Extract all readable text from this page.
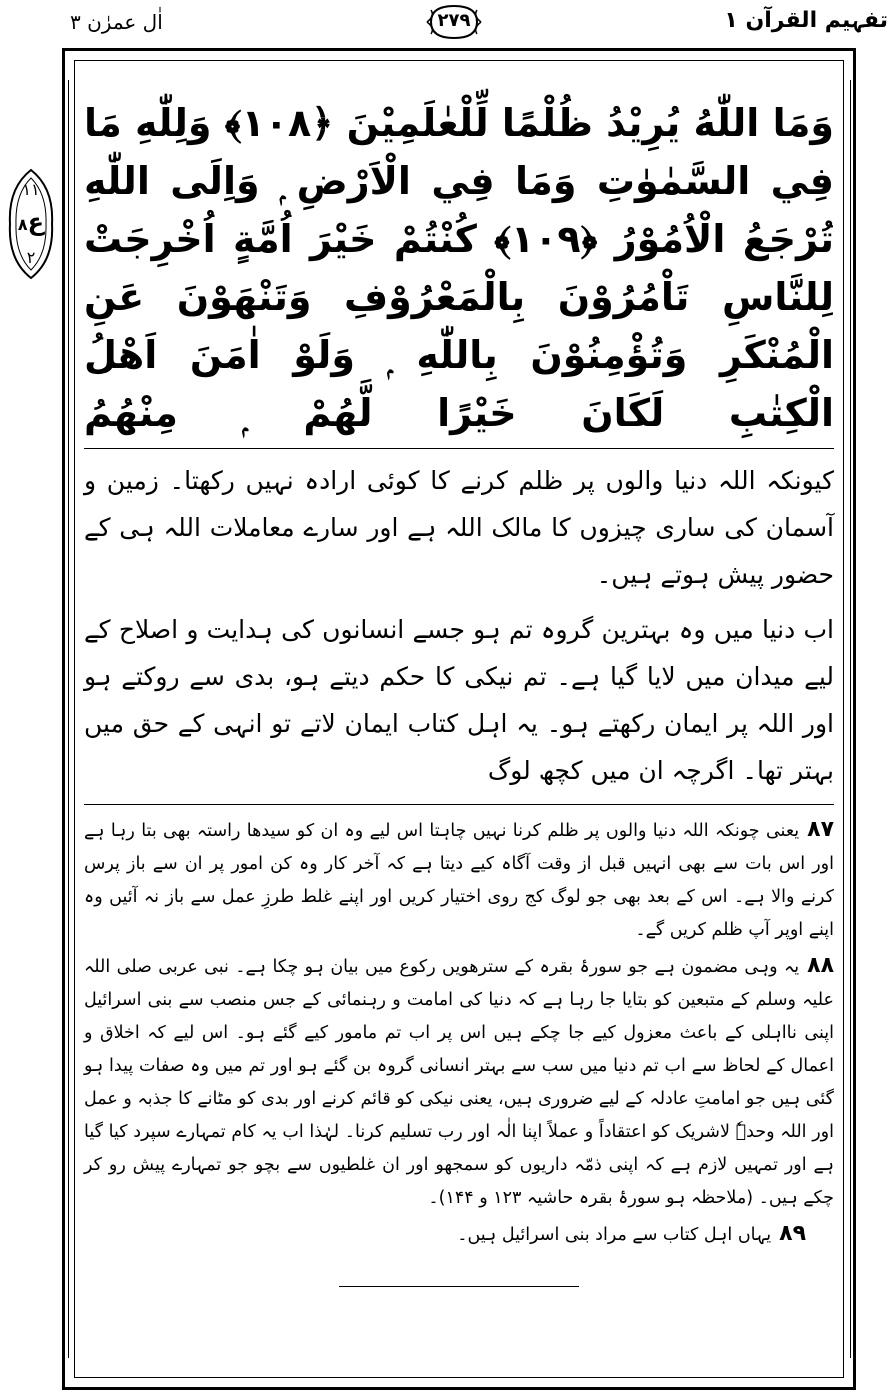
اٰل عمرٰن ۳	۲۷۹	تفہیم القرآن ۱
۱۱
ع۸
۲

وَمَا اللّٰهُ يُرِيْدُ ظُلْمًا لِّلْعٰلَمِيْنَ ﴿۱۰۸﴾ وَلِلّٰهِ مَا فِي السَّمٰوٰتِ وَمَا فِي الْاَرْضِ ۭ وَاِلَى اللّٰهِ تُرْجَعُ الْاُمُوْرُ ﴿۱۰۹﴾ كُنْتُمْ خَيْرَ اُمَّةٍ اُخْرِجَتْ لِلنَّاسِ تَاْمُرُوْنَ بِالْمَعْرُوْفِ وَتَنْهَوْنَ عَنِ الْمُنْكَرِ وَتُؤْمِنُوْنَ بِاللّٰهِ ۭ وَلَوْ اٰمَنَ اَهْلُ الْكِتٰبِ لَكَانَ خَيْرًا لَّھُمْ ۭ مِنْھُمُ

کیونکہ اللہ دنیا والوں پر ظلم کرنے کا کوئی ارادہ نہیں رکھتا۔ زمین و آسمان کی ساری چیزوں کا مالک اللہ ہے اور سارے معاملات اللہ ہی کے حضور پیش ہوتے ہیں۔

اب دنیا میں وہ بہترین گروہ تم ہو جسے انسانوں کی ہدایت و اصلاح کے لیے میدان میں لایا گیا ہے۔ تم نیکی کا حکم دیتے ہو، بدی سے روکتے ہو اور اللہ پر ایمان رکھتے ہو۔ یہ اہل کتاب ایمان لاتے تو انہی کے حق میں بہتر تھا۔ اگرچہ ان میں کچھ لوگ

۸۷یعنی چونکہ اللہ دنیا والوں پر ظلم کرنا نہیں چاہتا اس لیے وہ ان کو سیدھا راستہ بھی بتا رہا ہے اور اس بات سے بھی انہیں قبل از وقت آگاہ کیے دیتا ہے کہ آخر کار وہ کن امور پر ان سے باز پرس کرنے والا ہے۔ اس کے بعد بھی جو لوگ کج روی اختیار کریں اور اپنے غلط طرزِ عمل سے باز نہ آئیں وہ اپنے اوپر آپ ظلم کریں گے۔

۸۸یہ وہی مضمون ہے جو سورۂ بقرہ کے سترھویں رکوع میں بیان ہو چکا ہے۔ نبی عربی صلی اللہ علیہ وسلم کے متبعین کو بتایا جا رہا ہے کہ دنیا کی امامت و رہنمائی کے جس منصب سے بنی اسرائیل اپنی نااہلی کے باعث معزول کیے جا چکے ہیں اس پر اب تم مامور کیے گئے ہو۔ اس لیے کہ اخلاق و اعمال کے لحاظ سے اب تم دنیا میں سب سے بہتر انسانی گروہ بن گئے ہو اور تم میں وہ صفات پیدا ہو گئی ہیں جو امامتِ عادلہ کے لیے ضروری ہیں، یعنی نیکی کو قائم کرنے اور بدی کو مٹانے کا جذبہ و عمل اور اللہ وحدہٗ لاشریک کو اعتقاداً و عملاً اپنا الٰہ اور رب تسلیم کرنا۔ لہٰذا اب یہ کام تمہارے سپرد کیا گیا ہے اور تمہیں لازم ہے کہ اپنی ذمّہ داریوں کو سمجھو اور ان غلطیوں سے بچو جو تمہارے پیش رو کر چکے ہیں۔ (ملاحظہ ہو سورۂ بقرہ حاشیہ ۱۲۳ و ۱۴۴)۔

۸۹یہاں اہل کتاب سے مراد بنی اسرائیل ہیں۔
